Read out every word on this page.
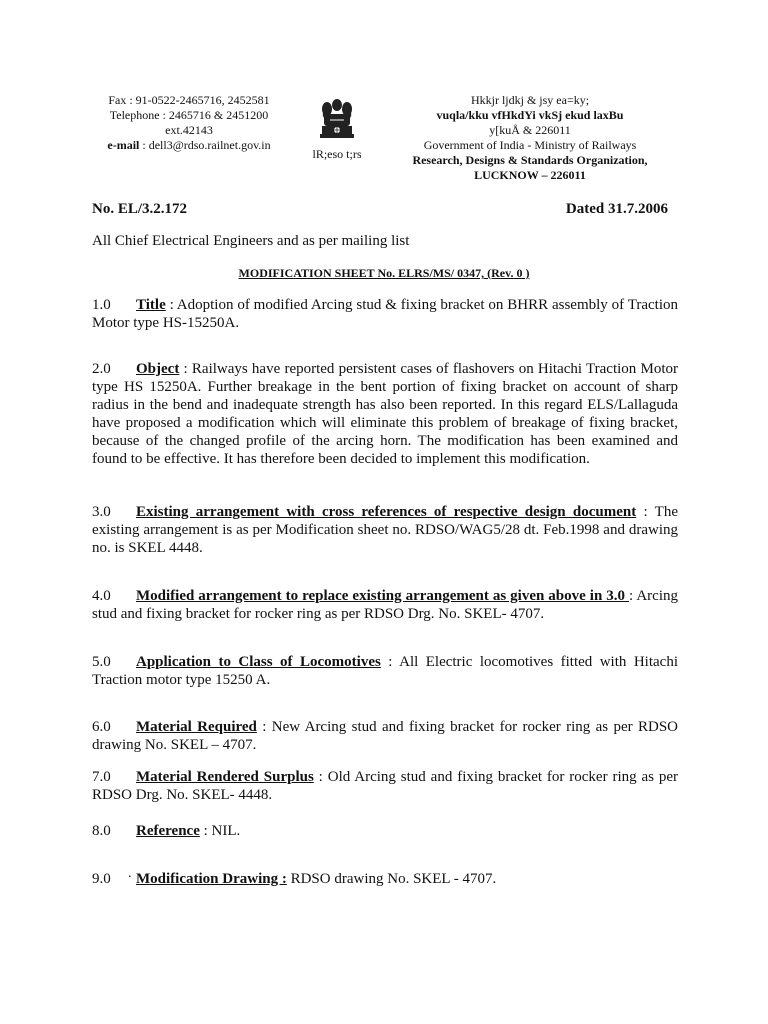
Fax : 91-0522-2465716, 2452581
Telephone : 2465716 & 2451200
ext.42143
e-mail : dell3@rdso.railnet.gov.in
lR;eso t;rs
Hkkjr ljdkj & jsy ea=ky;
vuqla/kku vfHkdYi vkSj ekud laxBu
y[kuÅ & 226011
Government of India - Ministry of Railways
Research, Designs & Standards Organization,
LUCKNOW – 226011
No. EL/3.2.172	Dated 31.7.2006
All Chief Electrical Engineers and as per mailing list
MODIFICATION SHEET No. ELRS/MS/ 0347, (Rev. 0 )
1.0 Title : Adoption of modified Arcing stud & fixing bracket on BHRR assembly of Traction Motor type HS-15250A.
2.0 Object : Railways have reported persistent cases of flashovers on Hitachi Traction Motor type HS 15250A. Further breakage in the bent portion of fixing bracket on account of sharp radius in the bend and inadequate strength has also been reported. In this regard ELS/Lallaguda have proposed a modification which will eliminate this problem of breakage of fixing bracket, because of the changed profile of the arcing horn. The modification has been examined and found to be effective. It has therefore been decided to implement this modification.
3.0 Existing arrangement with cross references of respective design document : The existing arrangement is as per Modification sheet no. RDSO/WAG5/28 dt. Feb.1998 and drawing no. is SKEL 4448.
4.0 Modified arrangement to replace existing arrangement as given above in 3.0 : Arcing stud and fixing bracket for rocker ring as per RDSO Drg. No. SKEL- 4707.
5.0 Application to Class of Locomotives : All Electric locomotives fitted with Hitachi Traction motor type 15250 A.
6.0 Material Required : New Arcing stud and fixing bracket for rocker ring as per RDSO drawing No. SKEL – 4707.
7.0 Material Rendered Surplus : Old Arcing stud and fixing bracket for rocker ring as per RDSO Drg. No. SKEL- 4448.
8.0 Reference : NIL.
9.0 Modification Drawing : RDSO drawing No. SKEL - 4707.
.
